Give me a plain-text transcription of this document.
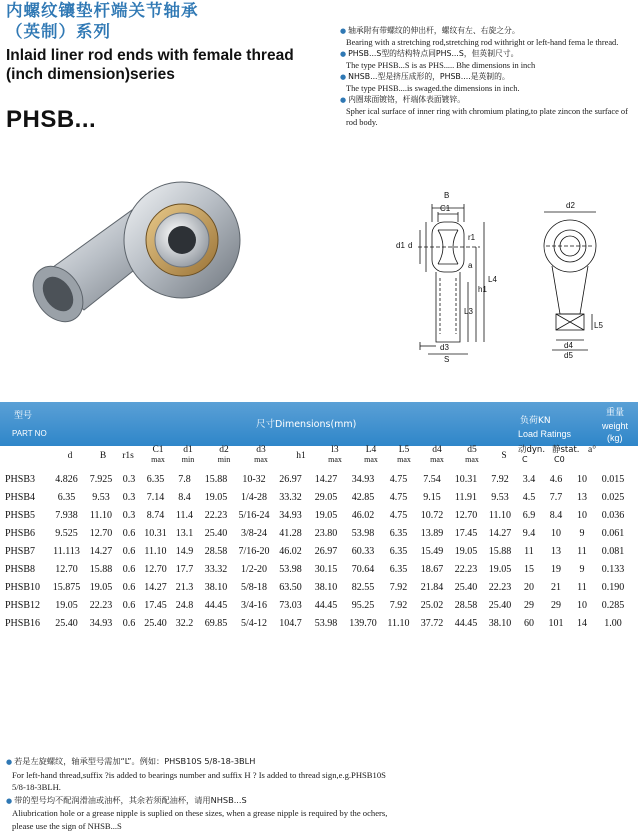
内螺纹镶垫杆端关节轴承
（英制）系列
Inlaid liner rod ends with female thread
(inch dimension)series
PHSB...
● 轴承附有带螺纹的伸出杆，螺纹有左、右旋之分。
Bearing with a stretching rod,stretching rod withright or left-hand fema le thread.
● PHSB...S型的结构特点同PHS...S，但英制尺寸。
The type PHSB...S is as PHS..... Bhe dimensions in inch
● NHSB...型是挤压成形的，PHSB....是英制的。
The type PHSB....is swaged.the dimensions in inch.
● 内圈球面镀铬，杆端体表面镀锌。
Spher ical surface of inner ring with chromium plating,to plate zincon the surface of rod body.
B
C1
d1 d
r1
a
h1
L4
L3
d3
S
d2
L5
d4
d5
型号
PART NO
尺寸Dimensions(mm)	负荷KN
Load Ratings
重量
weight
(kg)
d	B	r1s
C1
max
d1
min
d2
min
d3
max	h1
l3
max
L4
max
L5
max
d4
max
d5
max	S
动dyn.
C
静stat.
C0
a°
PHSB3	4.826	7.925	0.3	6.35	7.8	15.88	10-32	26.97	14.27	34.93	4.75	7.54	10.31	7.92	3.4	4.6	10	0.015
PHSB4	6.35	9.53	0.3	7.14	8.4	19.05	1/4-28	33.32	29.05	42.85	4.75	9.15	11.91	9.53	4.5	7.7	13	0.025
PHSB5	7.938	11.10	0.3	8.74	11.4	22.23	5/16-24	34.93	19.05	46.02	4.75	10.72	12.70	11.10	6.9	8.4	10	0.036
PHSB6	9.525	12.70	0.6	10.31	13.1	25.40	3/8-24	41.28	23.80	53.98	6.35	13.89	17.45	14.27	9.4	10	9	0.061
PHSB7	11.113	14.27	0.6	11.10	14.9	28.58	7/16-20	46.02	26.97	60.33	6.35	15.49	19.05	15.88	11	13	11	0.081
PHSB8	12.70	15.88	0.6	12.70	17.7	33.32	1/2-20	53.98	30.15	70.64	6.35	18.67	22.23	19.05	15	19	9	0.133
PHSB10	15.875	19.05	0.6	14.27	21.3	38.10	5/8-18	63.50	38.10	82.55	7.92	21.84	25.40	22.23	20	21	11	0.190
PHSB12	19.05	22.23	0.6	17.45	24.8	44.45	3/4-16	73.03	44.45	95.25	7.92	25.02	28.58	25.40	29	29	10	0.285
PHSB16	25.40	34.93	0.6	25.40	32.2	69.85	5/4-12	104.7	53.98	139.70	11.10	37.72	44.45	38.10	60	101	14	1.00
● 若是左旋螺纹，轴承型号需加“L”。例如：PHSB10S 5/8-18-3BLH
For left-hand thread,suffix ?is added to bearings number and suffix H ? Is added to thread sign,e.g.PHSB10S
5/8-18-3BLH.
● 带的型号均不配润滑油或油杯，其余若须配油杯，请用NHSB...S
Aliubrication hole or a grease nipple is suplied on these sizes, when a grease nipple is required by the ochers,
please use the sign of NHSB...S
